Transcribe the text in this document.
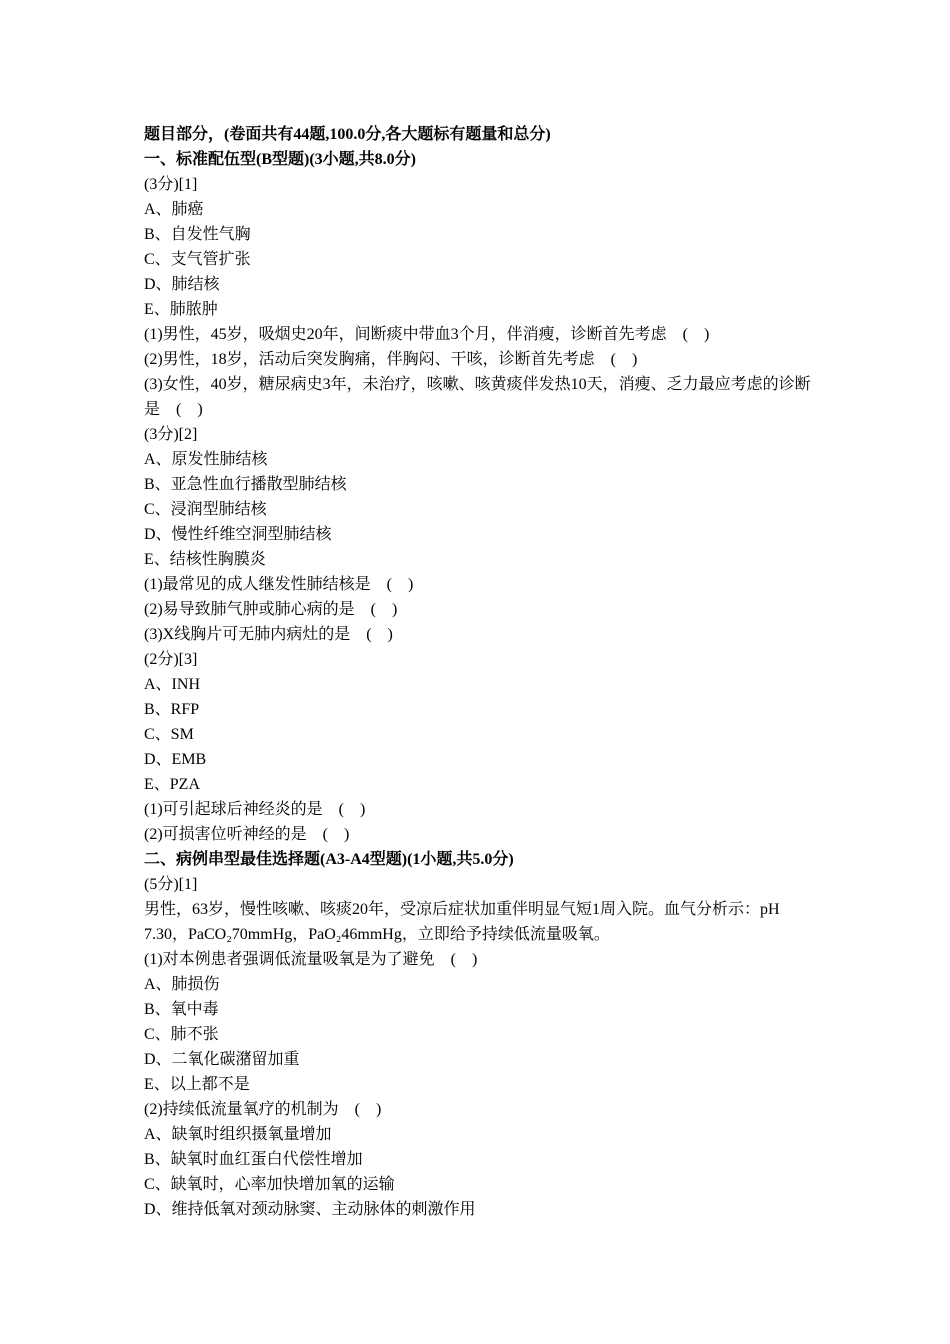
题目部分，(卷面共有44题,100.0分,各大题标有题量和总分)
一、标准配伍型(B型题)(3小题,共8.0分)
(3分)[1]
A、肺癌
B、自发性气胸
C、支气管扩张
D、肺结核
E、肺脓肿
(1)男性，45岁，吸烟史20年，间断痰中带血3个月，伴消瘦，诊断首先考虑　(　)
(2)男性，18岁，活动后突发胸痛，伴胸闷、干咳，诊断首先考虑　(　)
(3)女性，40岁，糖尿病史3年，未治疗，咳嗽、咳黄痰伴发热10天，消瘦、乏力最应考虑的诊断是　(　)
(3分)[2]
A、原发性肺结核
B、亚急性血行播散型肺结核
C、浸润型肺结核
D、慢性纤维空洞型肺结核
E、结核性胸膜炎
(1)最常见的成人继发性肺结核是　(　)
(2)易导致肺气肿或肺心病的是　(　)
(3)X线胸片可无肺内病灶的是　(　)
(2分)[3]
A、INH
B、RFP
C、SM
D、EMB
E、PZA
(1)可引起球后神经炎的是　(　)
(2)可损害位听神经的是　(　)
二、病例串型最佳选择题(A3-A4型题)(1小题,共5.0分)
(5分)[1]
男性，63岁，慢性咳嗽、咳痰20年，受凉后症状加重伴明显气短1周入院。血气分析示：pH 7.30，PaCO₂70mmHg，PaO₂46mmHg，立即给予持续低流量吸氧。
(1)对本例患者强调低流量吸氧是为了避免　(　)
A、肺损伤
B、氧中毒
C、肺不张
D、二氧化碳潴留加重
E、以上都不是
(2)持续低流量氧疗的机制为　(　)
A、缺氧时组织摄氧量增加
B、缺氧时血红蛋白代偿性增加
C、缺氧时，心率加快增加氧的运输
D、维持低氧对颈动脉窦、主动脉体的刺激作用
